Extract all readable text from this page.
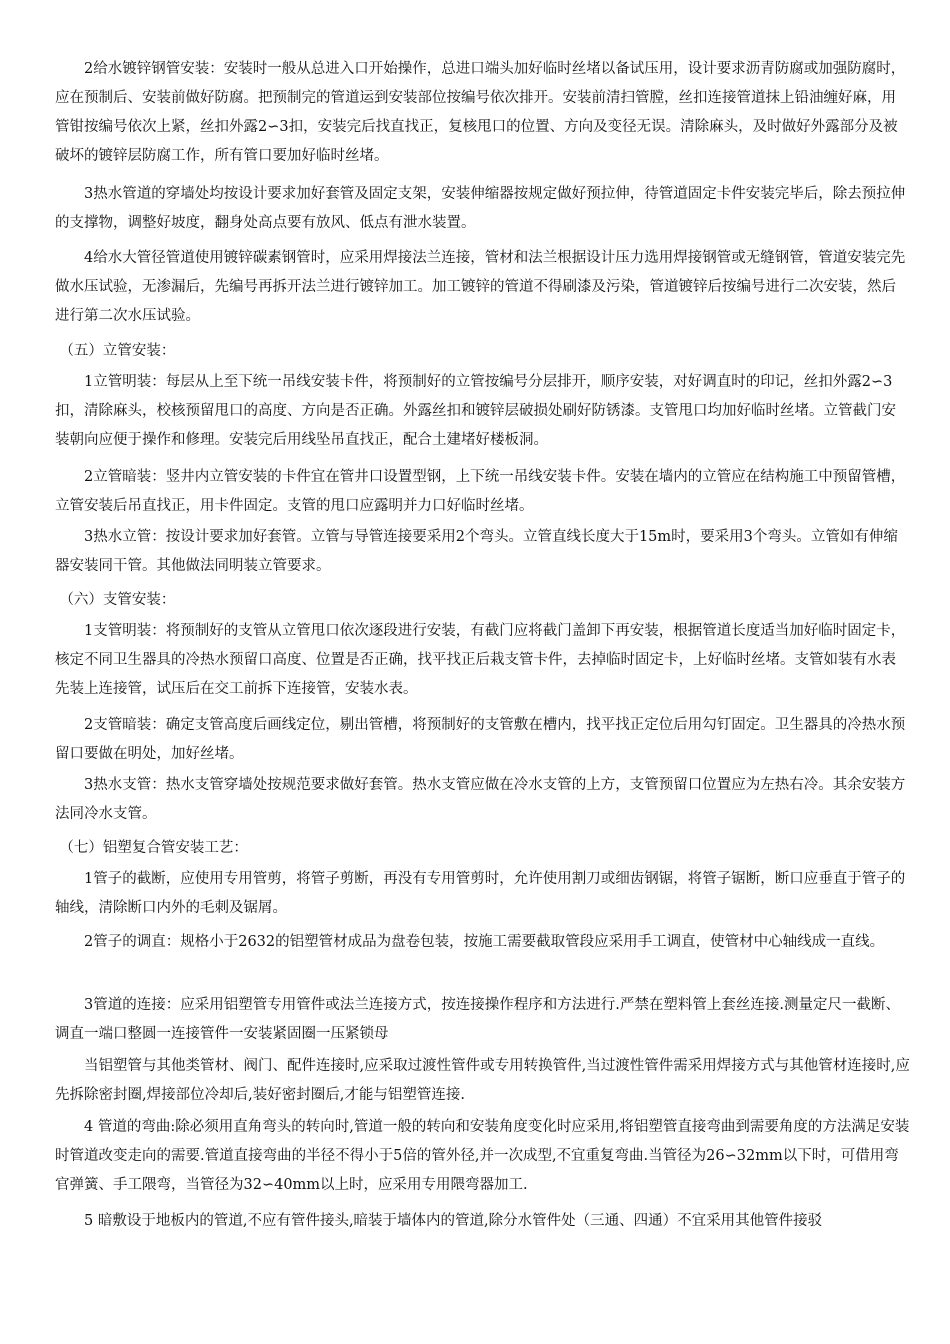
2给水镀锌钢管安装：安装时一般从总进入口开始操作，总进口端头加好临时丝堵以备试压用，设计要求沥青防腐或加强防腐时，应在预制后、安装前做好防腐。把预制完的管道运到安装部位按编号依次排开。安装前清扫管膛，丝扣连接管道抹上铅油缠好麻，用管钳按编号依次上紧，丝扣外露2∽3扣，安装完后找直找正，复核甩口的位置、方向及变径无误。清除麻头，及时做好外露部分及被破坏的镀锌层防腐工作，所有管口要加好临时丝堵。

3热水管道的穿墙处均按设计要求加好套管及固定支架，安装伸缩器按规定做好预拉伸，待管道固定卡件安装完毕后，除去预拉伸的支撑物，调整好坡度，翻身处高点要有放风、低点有泄水装置。

4给水大管径管道使用镀锌碳素钢管时，应采用焊接法兰连接，管材和法兰根据设计压力选用焊接钢管或无缝钢管，管道安装完先做水压试验，无渗漏后，先编号再拆开法兰进行镀锌加工。加工镀锌的管道不得刷漆及污染，管道镀锌后按编号进行二次安装，然后进行第二次水压试验。

（五）立管安装：

1立管明装：每层从上至下统一吊线安装卡件，将预制好的立管按编号分层排开，顺序安装，对好调直时的印记，丝扣外露2∽3扣，清除麻头，校核预留甩口的高度、方向是否正确。外露丝扣和镀锌层破损处刷好防锈漆。支管甩口均加好临时丝堵。立管截门安装朝向应便于操作和修理。安装完后用线坠吊直找正，配合土建堵好楼板洞。

2立管暗装：竖井内立管安装的卡件宜在管井口设置型钢，上下统一吊线安装卡件。安装在墙内的立管应在结构施工中预留管槽，立管安装后吊直找正，用卡件固定。支管的甩口应露明并力口好临时丝堵。

3热水立管：按设计要求加好套管。立管与导管连接要采用2个弯头。立管直线长度大于15m时，要采用3个弯头。立管如有伸缩器安装同干管。其他做法同明装立管要求。

（六）支管安装：

1支管明装：将预制好的支管从立管甩口依次逐段进行安装，有截门应将截门盖卸下再安装，根据管道长度适当加好临时固定卡，核定不同卫生器具的冷热水预留口高度、位置是否正确，找平找正后栽支管卡件，去掉临时固定卡，上好临时丝堵。支管如装有水表先装上连接管，试压后在交工前拆下连接管，安装水表。

2支管暗装：确定支管高度后画线定位，剔出管槽，将预制好的支管敷在槽内，找平找正定位后用勾钉固定。卫生器具的冷热水预留口要做在明处，加好丝堵。

3热水支管：热水支管穿墙处按规范要求做好套管。热水支管应做在冷水支管的上方，支管预留口位置应为左热右冷。其余安装方法同冷水支管。

（七）铝塑复合管安装工艺：

1管子的截断，应使用专用管剪，将管子剪断，再没有专用管剪时，允许使用割刀或细齿钢锯，将管子锯断，断口应垂直于管子的轴线，清除断口内外的毛刺及锯屑。

2管子的调直：规格小于2632的铝塑管材成品为盘卷包装，按施工需要截取管段应采用手工调直，使管材中心轴线成一直线。

3管道的连接：应采用铝塑管专用管件或法兰连接方式，按连接操作程序和方法进行.严禁在塑料管上套丝连接.测量定尺一截断、调直一端口整圆一连接管件一安装紧固圈一压紧锁母

当铝塑管与其他类管材、阀门、配件连接时,应采取过渡性管件或专用转换管件,当过渡性管件需采用焊接方式与其他管材连接时,应先拆除密封圈,焊接部位冷却后,装好密封圈后,才能与铝塑管连接.

4 管道的弯曲:除必须用直角弯头的转向时,管道一般的转向和安装角度变化时应采用,将铝塑管直接弯曲到需要角度的方法满足安装时管道改变走向的需要.管道直接弯曲的半径不得小于5倍的管外径,并一次成型,不宜重复弯曲.当管径为26∽32mm以下时，可借用弯官弹簧、手工隈弯，当管径为32∽40mm以上时，应采用专用隈弯器加工.

5 暗敷设于地板内的管道,不应有管件接头,暗装于墙体内的管道,除分水管件处（三通、四通）不宜采用其他管件接驳
